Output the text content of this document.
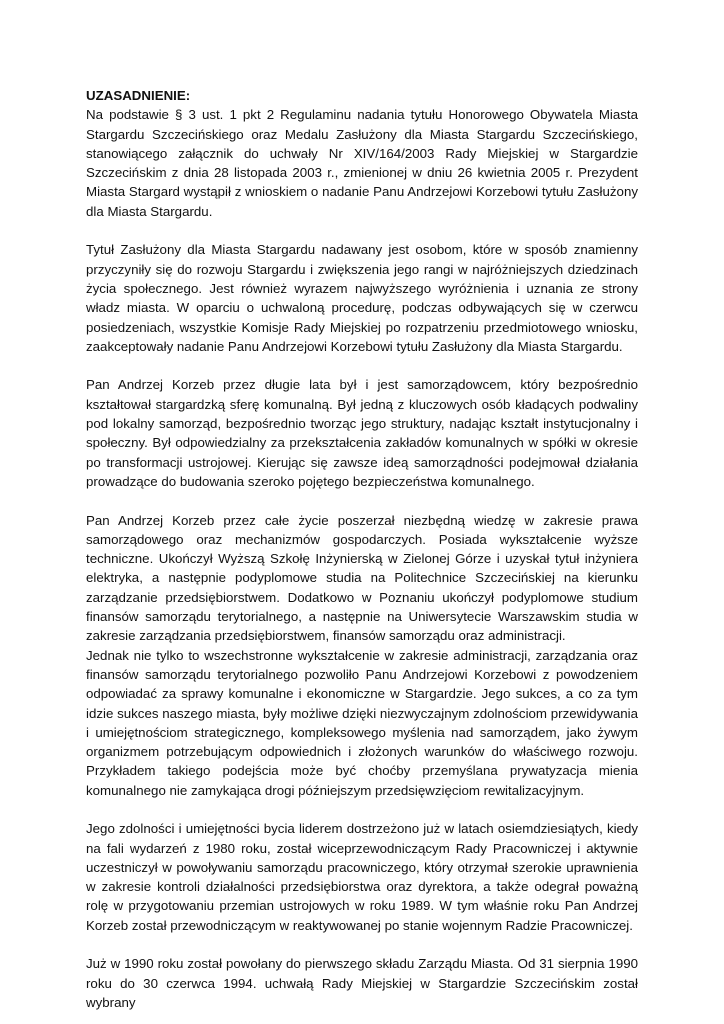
UZASADNIENIE:

Na podstawie § 3 ust. 1 pkt 2 Regulaminu nadania tytułu Honorowego Obywatela Miasta Stargardu Szczecińskiego oraz Medalu Zasłużony dla Miasta Stargardu Szczecińskiego, stanowiącego załącznik do uchwały Nr XIV/164/2003 Rady Miejskiej w Stargardzie Szczecińskim z dnia 28 listopada 2003 r., zmienionej w dniu 26 kwietnia 2005 r. Prezydent Miasta Stargard wystąpił z wnioskiem o nadanie Panu Andrzejowi Korzebowi tytułu Zasłużony dla Miasta Stargardu.

Tytuł Zasłużony dla Miasta Stargardu nadawany jest osobom, które w sposób znamienny przyczyniły się do rozwoju Stargardu i zwiększenia jego rangi w najróżniejszych dziedzinach życia społecznego. Jest również wyrazem najwyższego wyróżnienia i uznania ze strony władz miasta. W oparciu o uchwaloną procedurę, podczas odbywających się w czerwcu posiedzeniach, wszystkie Komisje Rady Miejskiej po rozpatrzeniu przedmiotowego wniosku, zaakceptowały nadanie Panu Andrzejowi Korzebowi tytułu Zasłużony dla Miasta Stargardu.

Pan Andrzej Korzeb przez długie lata był i jest samorządowcem, który bezpośrednio kształtował stargardzką sferę komunalną. Był jedną z kluczowych osób kładących podwaliny pod lokalny samorząd, bezpośrednio tworząc jego struktury, nadając kształt instytucjonalny i społeczny. Był odpowiedzialny za przekształcenia zakładów komunalnych w spółki w okresie po transformacji ustrojowej. Kierując się zawsze ideą samorządności podejmował działania prowadzące do budowania szeroko pojętego bezpieczeństwa komunalnego.

Pan Andrzej Korzeb przez całe życie poszerzał niezbędną wiedzę w zakresie prawa samorządowego oraz mechanizmów gospodarczych. Posiada wykształcenie wyższe techniczne. Ukończył Wyższą Szkołę Inżynierską w Zielonej Górze i uzyskał tytuł inżyniera elektryka, a następnie podyplomowe studia na Politechnice Szczecińskiej na kierunku zarządzanie przedsiębiorstwem. Dodatkowo w Poznaniu ukończył podyplomowe studium finansów samorządu terytorialnego, a następnie na Uniwersytecie Warszawskim studia w zakresie zarządzania przedsiębiorstwem, finansów samorządu oraz administracji.

Jednak nie tylko to wszechstronne wykształcenie w zakresie administracji, zarządzania oraz finansów samorządu terytorialnego pozwoliło Panu Andrzejowi Korzebowi z powodzeniem odpowiadać za sprawy komunalne i ekonomiczne w Stargardzie. Jego sukces, a co za tym idzie sukces naszego miasta, były możliwe dzięki niezwyczajnym zdolnościom przewidywania i umiejętnościom strategicznego, kompleksowego myślenia nad samorządem, jako żywym organizmem potrzebującym odpowiednich i złożonych warunków do właściwego rozwoju. Przykładem takiego podejścia może być choćby przemyślana prywatyzacja mienia komunalnego nie zamykająca drogi późniejszym przedsięwzięciom rewitalizacyjnym.

Jego zdolności i umiejętności bycia liderem dostrzeżono już w latach osiemdziesiątych, kiedy na fali wydarzeń z 1980 roku, został wiceprzewodniczącym Rady Pracowniczej i aktywnie uczestniczył w powoływaniu samorządu pracowniczego, który otrzymał szerokie uprawnienia w zakresie kontroli działalności przedsiębiorstwa oraz dyrektora, a także odegrał poważną rolę w przygotowaniu przemian ustrojowych w roku 1989. W tym właśnie roku Pan Andrzej Korzeb został przewodniczącym w reaktywowanej po stanie wojennym Radzie Pracowniczej.

Już w 1990 roku został powołany do pierwszego składu Zarządu Miasta. Od 31 sierpnia 1990 roku do 30 czerwca 1994. uchwałą Rady Miejskiej w Stargardzie Szczecińskim został wybrany
